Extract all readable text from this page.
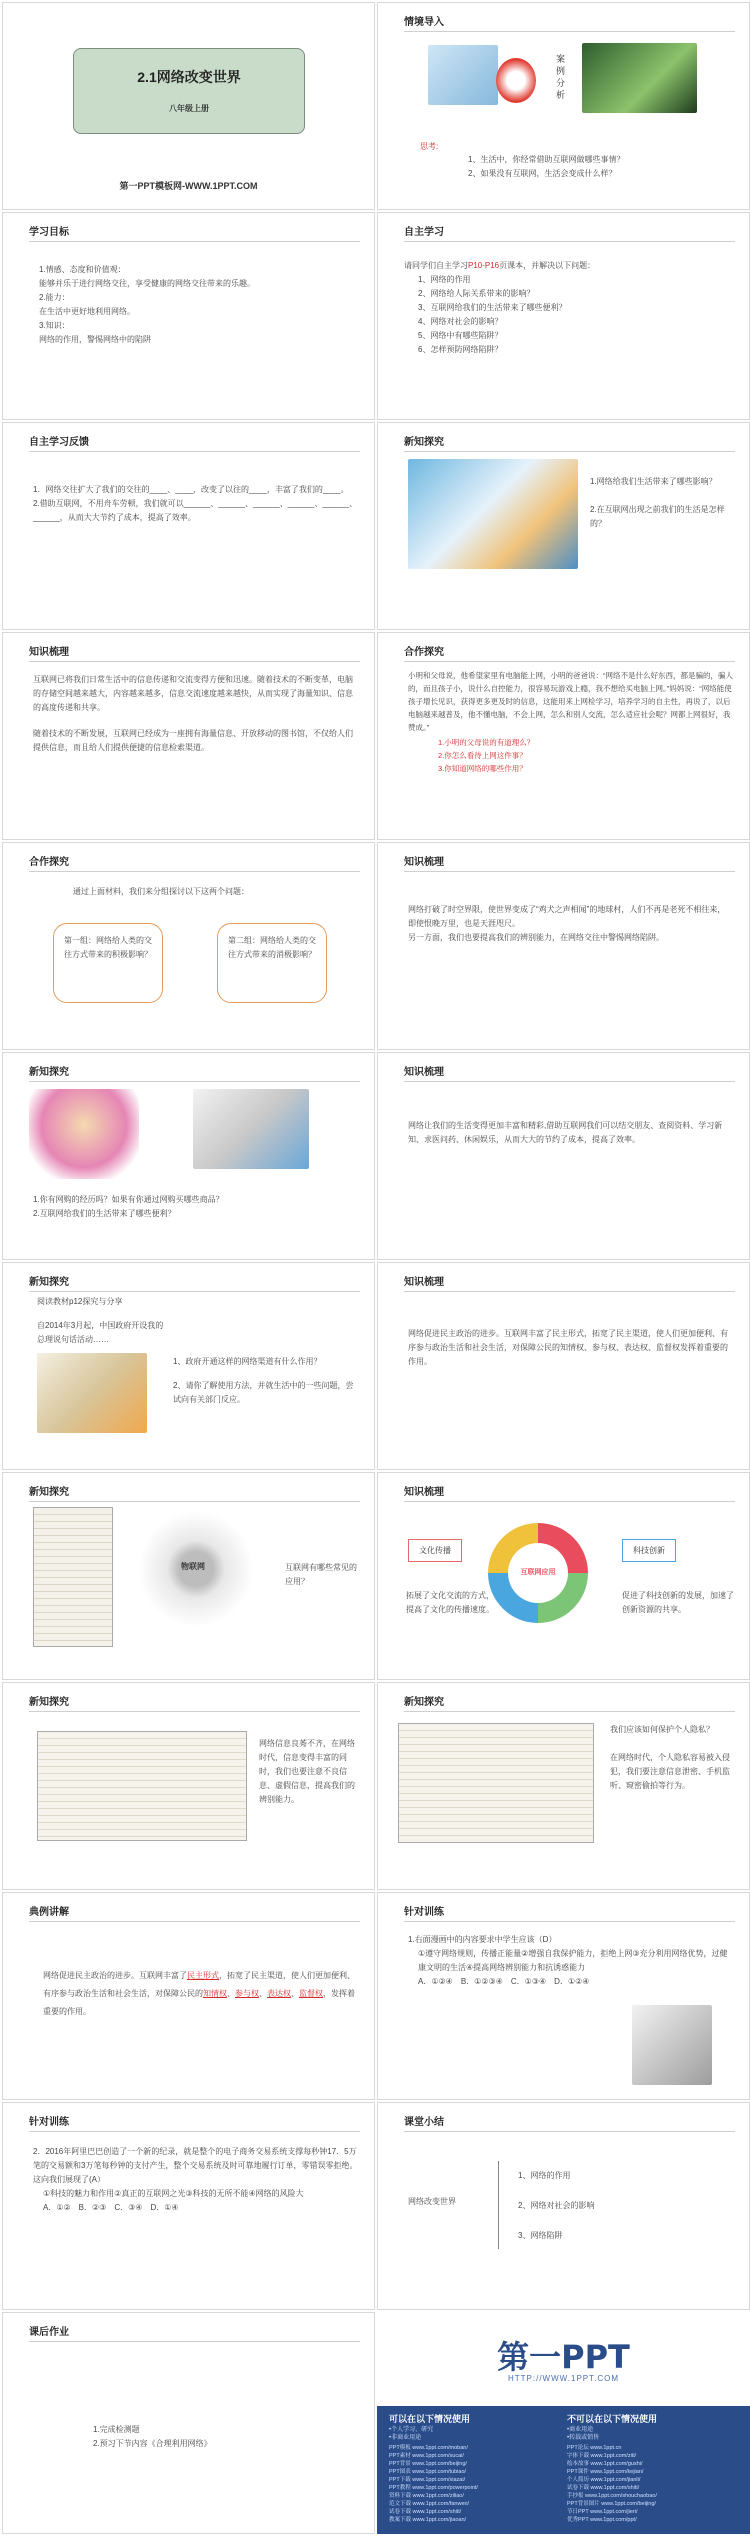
2.1网络改变世界
八年级上册
第一PPT模板网-WWW.1PPT.COM
情境导入
案例分析
思考:
1、生活中，你经常借助互联网做哪些事情？
2、如果没有互联网，生活会变成什么样？
学习目标
1.情感、态度和价值观：
能够并乐于进行网络交往，享受健康的网络交往带来的乐趣。
2.能力：
在生活中更好地利用网络。
3.知识：
网络的作用，警惕网络中的陷阱
自主学习
请同学们自主学习P10-P16页课本，并解决以下问题：
1、网络的作用
2、网络给人际关系带来的影响？
3、互联网给我们的生活带来了哪些便利？
4、网络对社会的影响？
5、网络中有哪些陷阱？
6、怎样预防网络陷阱？
自主学习反馈
1．网络交往扩大了我们的交往的____、____，改变了以往的____，丰富了我们的____。
2.借助互联网，不用舟车劳顿，我们就可以______、______、______、______、______、______，从而大大节约了成本，提高了效率。
新知探究
1.网络给我们生活带来了哪些影响？
2.在互联网出现之前我们的生活是怎样的？
知识梳理
互联网已将我们日常生活中的信息传递和交流变得方便和迅速。随着技术的不断变革，电脑的存储空间越来越大，内容越来越多，信息交流速度越来越快，从而实现了海量知识、信息的高度传递和共享。
随着技术的不断发展，互联网已经成为一座拥有海量信息、开放移动的图书馆，不仅给人们提供信息，而且给人们提供便捷的信息检索渠道。
合作探究
小明和父母说，他希望家里有电脑能上网，小明的爸爸说：“网络不是什么好东西，都是骗的，骗人的，而且孩子小，说什么自控能力，很容易玩游戏上瘾，我不想给买电脑上网。”妈妈说：“网络能使孩子增长见识，获得更多更及时的信息，这能用来上网检学习，培养学习的自主性，再说了，以后电脑越来越普及，他不懂电脑，不会上网，怎么和别人交流，怎么适应社会呢？网都上网很好，我赞成。”
1.小明的父母说的有道理么？
2.你怎么看待上网这件事？
3.你知道网络的哪些作用？
合作探究
通过上面材料，我们来分组探讨以下这两个问题：
第一组：网络给人类的交往方式带来的积极影响？
第二组：网络给人类的交往方式带来的消极影响？
知识梳理
网络打破了时空界限，使世界变成了“鸡犬之声相闻”的地球村，人们不再是老死不相往来，即使恨晚万里，也是天涯咫尺。
另一方面，我们也要提高我们的辨别能力，在网络交往中警惕网络陷阱。
新知探究
1.你有网购的经历吗？如果有你通过网购买哪些商品？
2.互联网给我们的生活带来了哪些便利？
知识梳理
网络让我们的生活变得更加丰富和精彩,借助互联网我们可以结交朋友、查阅资料、学习新知、求医问药、休闲娱乐，从而大大的节约了成本，提高了效率。
新知探究
阅读教材p12探究与分享
自2014年3月起，中国政府开设我的总理说句话活动……
1、政府开通这样的网络渠道有什么作用？
2、请你了解使用方法，并就生活中的一些问题，尝试向有关部门反应。
知识梳理
网络促进民主政治的进步。互联网丰富了民主形式，拓宽了民主渠道，使人们更加便利、有序参与政治生活和社会生活，对保障公民的知情权、参与权、表达权、监督权发挥着重要的作用。
新知探究
物联网	互联网有哪些常见的应用？
知识梳理
互联网应用
文化传播	科技创新
拓展了文化交流的方式，提高了文化的传播速度。
促进了科技创新的发展，加速了创新资源的共享。
新知探究
网络信息良莠不齐，在网络时代，信息变得丰富的同时，我们也要注意不良信息、虚假信息，提高我们的辨别能力。
新知探究
我们应该如何保护个人隐私？
在网络时代，个人隐私容易被入侵犯，我们要注意信息泄密、手机监听、窥密偷拍等行为。
典例讲解
网络促进民主政治的进步。互联网丰富了民主形式，拓宽了民主渠道，使人们更加便利、有序参与政治生活和社会生活，对保障公民的知情权、参与权、表达权、监督权，发挥着重要的作用。
针对训练
1.右面漫画中的内容要求中学生应该（D）
①遵守网络规则，传播正能量②增强自我保护能力，拒绝上网③充分利用网络优势，过健康文明的生活④提高网络辨别能力和抗诱惑能力
A．①②④　B．①②③④　C．①③④　D．①②④
针对训练
2．2016年阿里巴巴创造了一个新的纪录，就是整个的电子商务交易系统支撑每秒钟17．5万笔的交易额和3万笔每秒钟的支付产生，整个交易系统及时可靠地履行订单，零错误零拒绝。这向我们展现了(A）
①科技的魅力和作用②真正的互联网之光③科技的无所不能④网络的风险大
A．①②　B．②③　C．③④　D．①④
课堂小结
网络改变世界
1、网络的作用
2、网络对社会的影响
3、网络陷阱
课后作业
1.完成检测题
2.预习下节内容《合理利用网络》
第一PPT
HTTP://WWW.1PPT.COM
可以在以下情况使用
•个人学习、研究
•非商业用途
不可以在以下情况使用
•商业用途
•转载或销售
PPT模板 www.1ppt.com/moban/
PPT素材 www.1ppt.com/sucai/
PPT背景 www.1ppt.com/beijing/
PPT图表 www.1ppt.com/tubiao/
PPT下载 www.1ppt.com/xiazai/
PPT教程 www.1ppt.com/powerpoint/
资料下载 www.1ppt.com/ziliao/
范文下载 www.1ppt.com/fanwen/
试卷下载 www.1ppt.com/shiti/
教案下载 www.1ppt.com/jiaoan/
PPT论坛 www.1ppt.cn
字体下载 www.1ppt.com/ziti/
绘本故事 www.1ppt.com/gushi/
PPT课件 www.1ppt.com/kejian/
个人简历 www.1ppt.com/jianli/
试卷下载 www.1ppt.com/shiti/
手抄报 www.1ppt.com/shouchaobao/
PPT背景图片 www.1ppt.com/beijing/
节日PPT www.1ppt.com/jieri/
优秀PPT www.1ppt.com/ppt/
